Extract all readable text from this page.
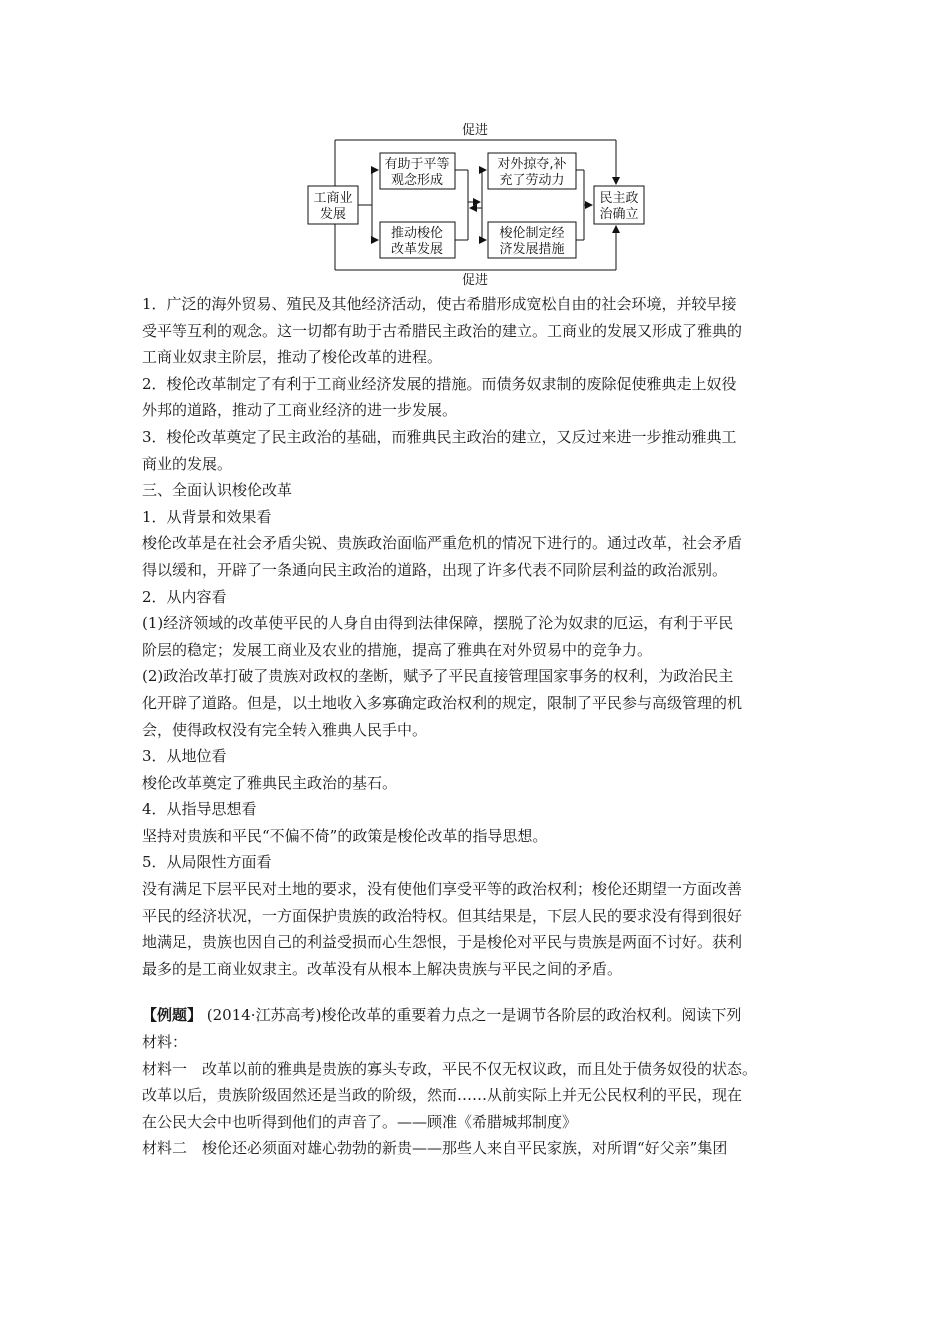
促进
促进
工商业
发展
民主政
治确立
有助于平等
观念形成
推动梭伦
改革发展
对外掠夺,补
充了劳动力
梭伦制定经
济发展措施

1．广泛的海外贸易、殖民及其他经济活动，使古希腊形成宽松自由的社会环境，并较早接

受平等互利的观念。这一切都有助于古希腊民主政治的建立。工商业的发展又形成了雅典的

工商业奴隶主阶层，推动了梭伦改革的进程。

2．梭伦改革制定了有利于工商业经济发展的措施。而债务奴隶制的废除促使雅典走上奴役

外邦的道路，推动了工商业经济的进一步发展。

3．梭伦改革奠定了民主政治的基础，而雅典民主政治的建立，又反过来进一步推动雅典工

商业的发展。

三、全面认识梭伦改革

1．从背景和效果看

梭伦改革是在社会矛盾尖锐、贵族政治面临严重危机的情况下进行的。通过改革，社会矛盾

得以缓和，开辟了一条通向民主政治的道路，出现了许多代表不同阶层利益的政治派别。

2．从内容看

(1)经济领域的改革使平民的人身自由得到法律保障，摆脱了沦为奴隶的厄运，有利于平民

阶层的稳定；发展工商业及农业的措施，提高了雅典在对外贸易中的竞争力。

(2)政治改革打破了贵族对政权的垄断，赋予了平民直接管理国家事务的权利，为政治民主

化开辟了道路。但是，以土地收入多寡确定政治权利的规定，限制了平民参与高级管理的机

会，使得政权没有完全转入雅典人民手中。

3．从地位看

梭伦改革奠定了雅典民主政治的基石。

4．从指导思想看

坚持对贵族和平民“不偏不倚”的政策是梭伦改革的指导思想。

5．从局限性方面看

没有满足下层平民对土地的要求，没有使他们享受平等的政治权利；梭伦还期望一方面改善

平民的经济状况，一方面保护贵族的政治特权。但其结果是，下层人民的要求没有得到很好

地满足，贵族也因自己的利益受损而心生怨恨，于是梭伦对平民与贵族是两面不讨好。获利

最多的是工商业奴隶主。改革没有从根本上解决贵族与平民之间的矛盾。

【例题】 (2014·江苏高考)梭伦改革的重要着力点之一是调节各阶层的政治权利。阅读下列

材料：

材料一　改革以前的雅典是贵族的寡头专政，平民不仅无权议政，而且处于债务奴役的状态。

改革以后，贵族阶级固然还是当政的阶级，然而……从前实际上并无公民权利的平民，现在

在公民大会中也听得到他们的声音了。——顾准《希腊城邦制度》

材料二　梭伦还必须面对雄心勃勃的新贵——那些人来自平民家族，对所谓“好父亲”集团
